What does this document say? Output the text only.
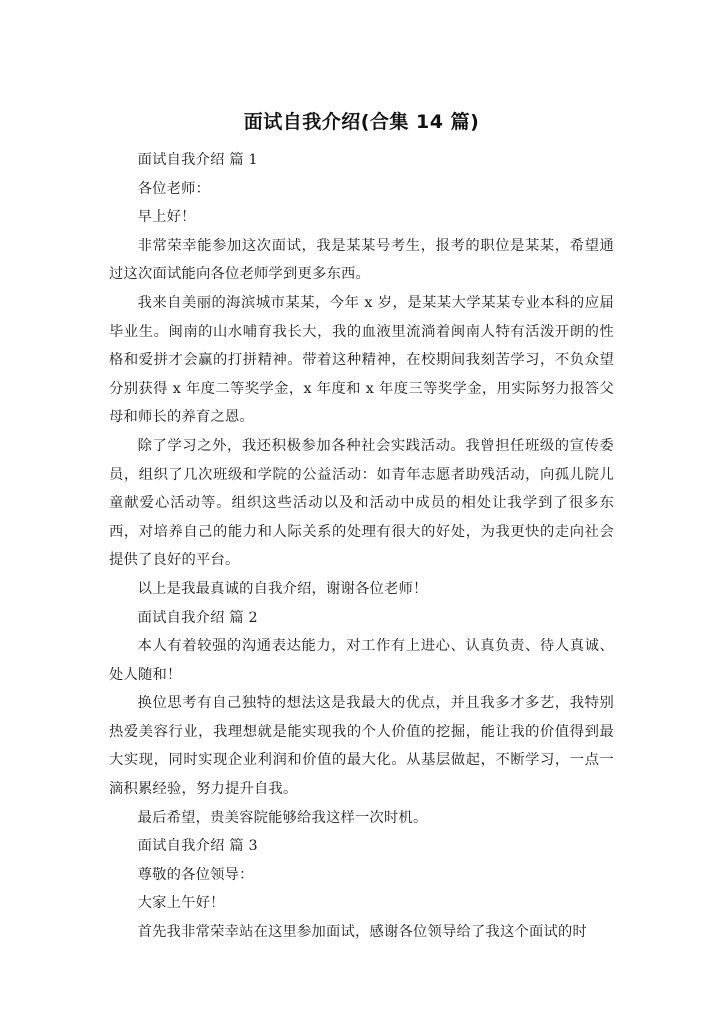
面试自我介绍(合集 14 篇)

面试自我介绍 篇 1

各位老师：

早上好！

非常荣幸能参加这次面试，我是某某号考生，报考的职位是某某，希望通过这次面试能向各位老师学到更多东西。

我来自美丽的海滨城市某某，今年 x 岁，是某某大学某某专业本科的应届毕业生。闽南的山水哺育我长大，我的血液里流淌着闽南人特有活泼开朗的性格和爱拼才会赢的打拼精神。带着这种精神，在校期间我刻苦学习，不负众望分别获得 x 年度二等奖学金，x 年度和 x 年度三等奖学金，用实际努力报答父母和师长的养育之恩。

除了学习之外，我还积极参加各种社会实践活动。我曾担任班级的宣传委员，组织了几次班级和学院的公益活动：如青年志愿者助残活动，向孤儿院儿童献爱心活动等。组织这些活动以及和活动中成员的相处让我学到了很多东西，对培养自己的能力和人际关系的处理有很大的好处，为我更快的走向社会提供了良好的平台。

以上是我最真诚的自我介绍，谢谢各位老师！

面试自我介绍 篇 2

本人有着较强的沟通表达能力，对工作有上进心、认真负责、待人真诚、处人随和！

换位思考有自己独特的想法这是我最大的优点，并且我多才多艺，我特别热爱美容行业，我理想就是能实现我的个人价值的挖掘，能让我的价值得到最大实现，同时实现企业利润和价值的最大化。从基层做起，不断学习，一点一滴积累经验，努力提升自我。

最后希望，贵美容院能够给我这样一次时机。

面试自我介绍 篇 3

尊敬的各位领导：

大家上午好！

首先我非常荣幸站在这里参加面试，感谢各位领导给了我这个面试的时
